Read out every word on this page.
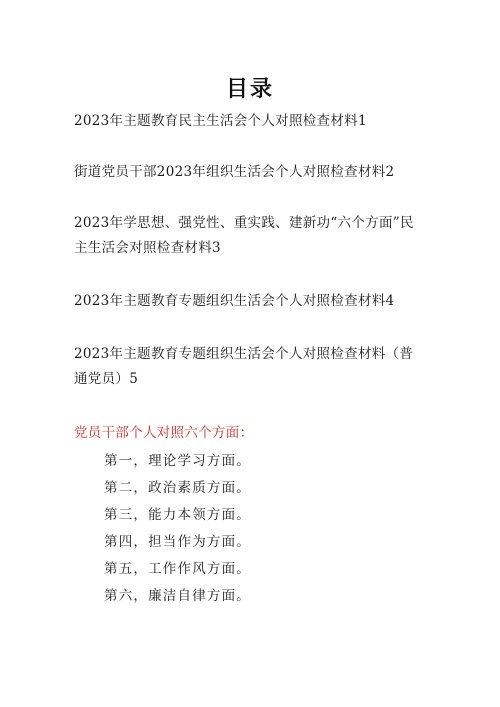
目录
2023年主题教育民主生活会个人对照检查材料1
街道党员干部2023年组织生活会个人对照检查材料2
2023年学思想、强党性、重实践、建新功“六个方面”民主生活会对照检查材料3
2023年主题教育专题组织生活会个人对照检查材料4
2023年主题教育专题组织生活会个人对照检查材料（普通党员）5
党员干部个人对照六个方面：
第一，理论学习方面。
第二，政治素质方面。
第三，能力本领方面。
第四，担当作为方面。
第五，工作作风方面。
第六，廉洁自律方面。
